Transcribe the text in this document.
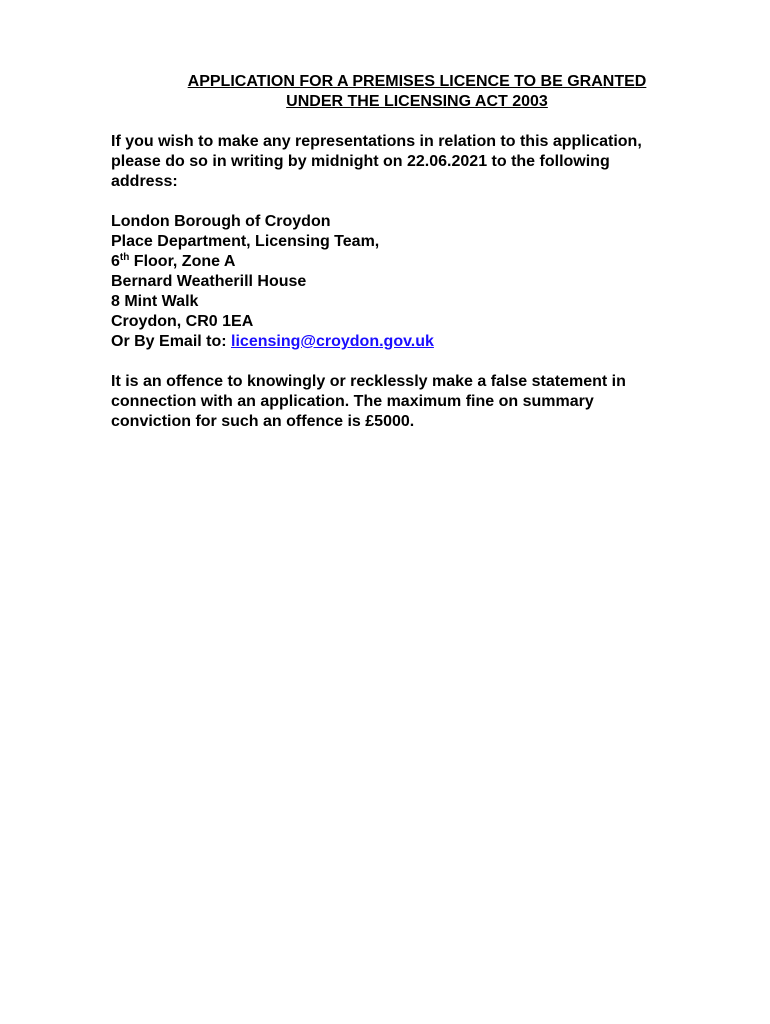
APPLICATION FOR A PREMISES LICENCE TO BE GRANTED
UNDER THE LICENSING ACT 2003
If you wish to make any representations in relation to this application,
please do so in writing by midnight on 22.06.2021 to the following
address:
London Borough of Croydon
Place Department, Licensing Team,
6th Floor, Zone A
Bernard Weatherill House
8 Mint Walk
Croydon, CR0 1EA
Or By Email to: licensing@croydon.gov.uk
It is an offence to knowingly or recklessly make a false statement in
connection with an application. The maximum fine on summary
conviction for such an offence is £5000.
